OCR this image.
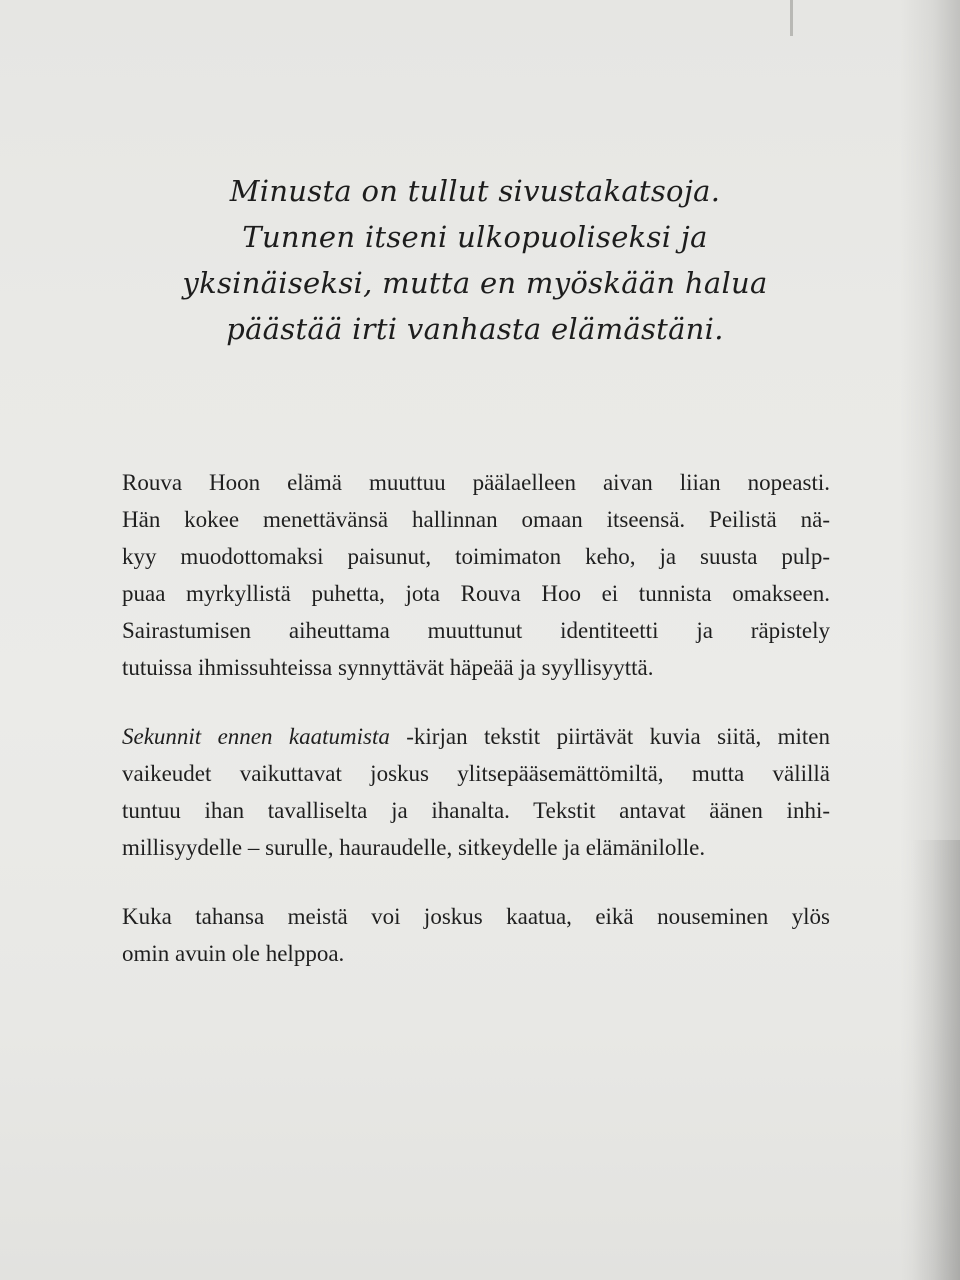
Minusta on tullut sivustakatsoja.
Tunnen itseni ulkopuoliseksi ja
yksinäiseksi, mutta en myöskään halua
päästää irti vanhasta elämästäni.
Rouva Hoon elämä muuttuu päälaelleen aivan liian nopeasti.
Hän kokee menettävänsä hallinnan omaan itseensä. Peilistä nä-
kyy muodottomaksi paisunut, toimimaton keho, ja suusta pulp-
puaa myrkyllistä puhetta, jota Rouva Hoo ei tunnista omakseen.
Sairastumisen aiheuttama muuttunut identiteetti ja räpistely
tutuissa ihmissuhteissa synnyttävät häpeää ja syyllisyyttä.
Sekunnit ennen kaatumista -kirjan tekstit piirtävät kuvia siitä, miten
vaikeudet vaikuttavat joskus ylitsepääsemättömiltä, mutta välillä
tuntuu ihan tavalliselta ja ihanalta. Tekstit antavat äänen inhi-
millisyydelle – surulle, hauraudelle, sitkeydelle ja elämänilolle.
Kuka tahansa meistä voi joskus kaatua, eikä nouseminen ylös
omin avuin ole helppoa.
